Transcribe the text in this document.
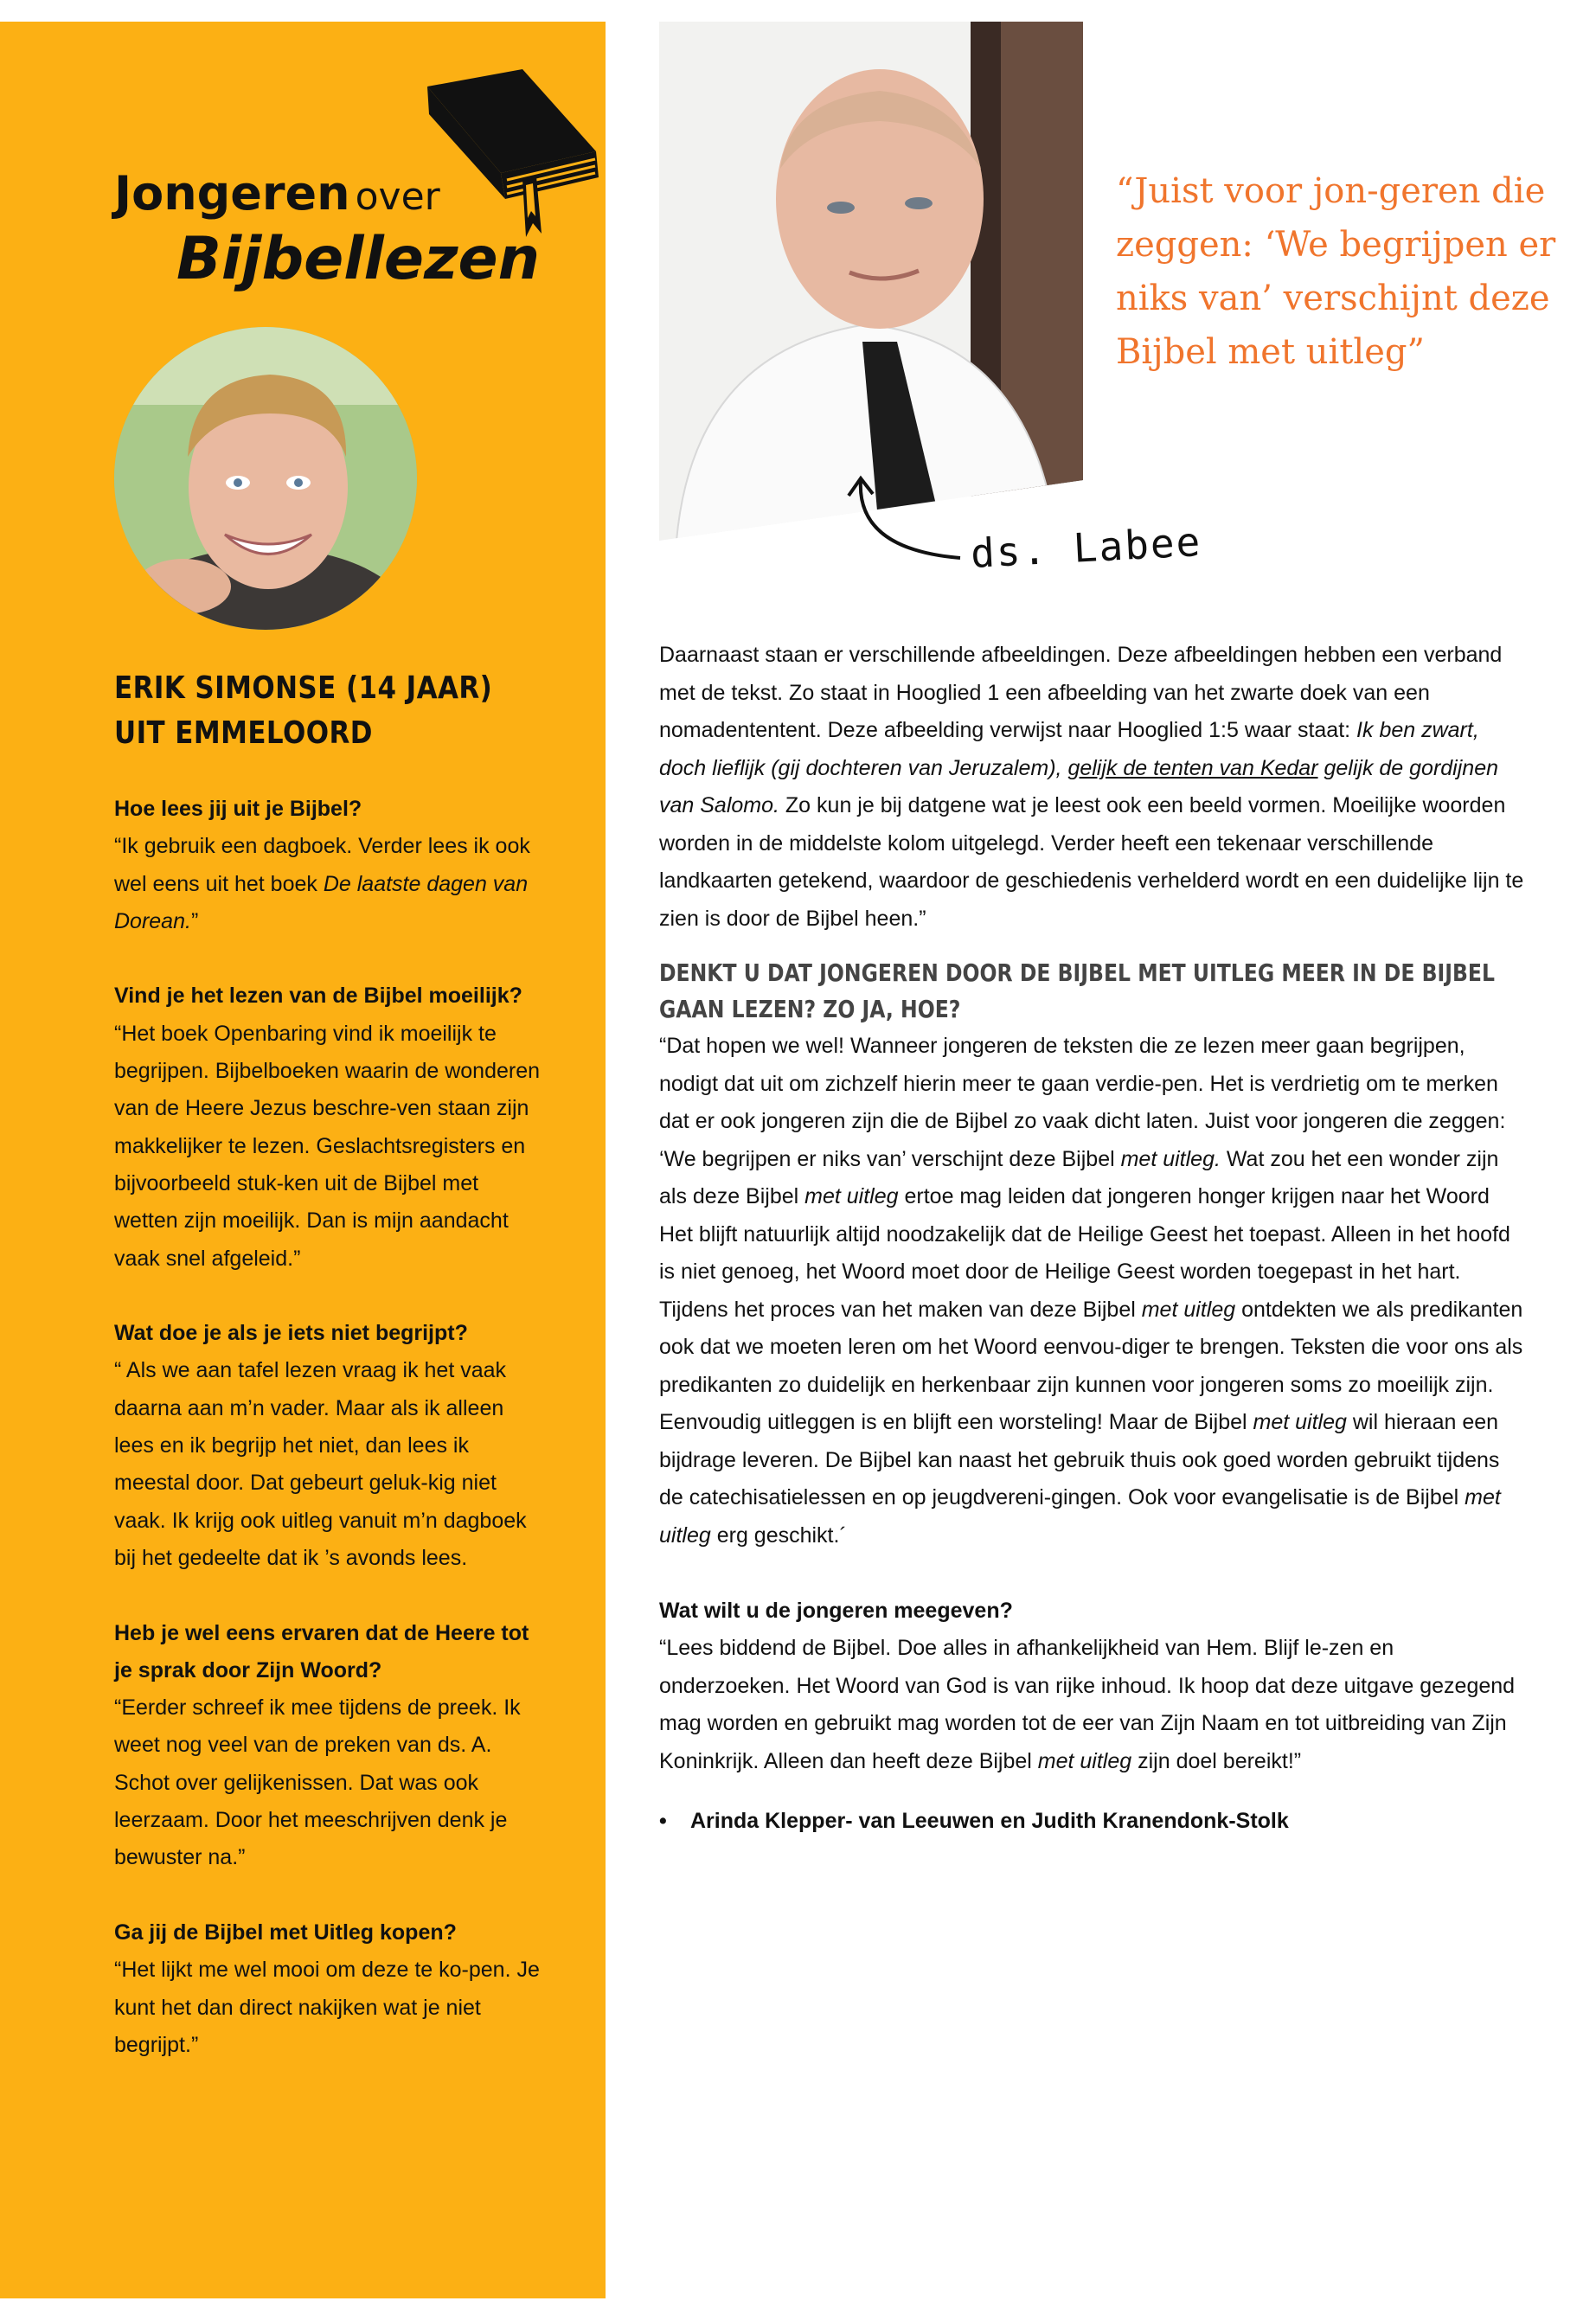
Jongeren over
Bijbellezen
ERIK SIMONSE (14 JAAR)
UIT EMMELOORD

Hoe lees jij uit je Bijbel?
“Ik gebruik een dagboek. Verder lees ik ook wel eens uit het boek De laatste dagen van Dorean.”

Vind je het lezen van de Bijbel moeilijk?
“Het boek Openbaring vind ik moeilijk te begrijpen. Bijbelboeken waarin de wonderen van de Heere Jezus beschre-ven staan zijn makkelijker te lezen. Geslachtsregisters en bijvoorbeeld stuk-ken uit de Bijbel met wetten zijn moeilijk. Dan is mijn aandacht vaak snel afgeleid.”

Wat doe je als je iets niet begrijpt?
“ Als we aan tafel lezen vraag ik het vaak daarna aan m’n vader. Maar als ik alleen lees en ik begrijp het niet, dan lees ik meestal door. Dat gebeurt geluk-kig niet vaak. Ik krijg ook uitleg vanuit m’n dagboek bij het gedeelte dat ik ’s avonds lees.

Heb je wel eens ervaren dat de Heere tot je sprak door Zijn Woord?
“Eerder schreef ik mee tijdens de preek. Ik weet nog veel van de preken van ds. A. Schot over gelijkenissen. Dat was ook leerzaam. Door het meeschrijven denk je bewuster na.”

Ga jij de Bijbel met Uitleg kopen?
“Het lijkt me wel mooi om deze te ko-pen. Je kunt het dan direct nakijken wat je niet begrijpt.”

“Juist voor jon-geren die zeggen: ‘We begrijpen er niks van’ verschijnt deze Bijbel met uitleg”
ds. Labee

Daarnaast staan er verschillende afbeeldingen. Deze afbeeldingen hebben een verband met de tekst. Zo staat in Hooglied 1 een afbeelding van het zwarte doek van een nomadententent. Deze afbeelding verwijst naar Hooglied 1:5 waar staat: Ik ben zwart, doch lieflijk (gij dochteren van Jeruzalem), gelijk de tenten van Kedar gelijk de gordijnen van Salomo. Zo kun je bij datgene wat je leest ook een beeld vormen. Moeilijke woorden worden in de middelste kolom uitgelegd. Verder heeft een tekenaar verschillende landkaarten getekend, waardoor de geschiedenis verhelderd wordt en een duidelijke lijn te zien is door de Bijbel heen.”

DENKT U DAT JONGEREN DOOR DE BIJBEL MET UITLEG MEER IN DE BIJBEL GAAN LEZEN? ZO JA, HOE?

“Dat hopen we wel! Wanneer jongeren de teksten die ze lezen meer gaan begrijpen, nodigt dat uit om zichzelf hierin meer te gaan verdie-pen. Het is verdrietig om te merken dat er ook jongeren zijn die de Bijbel zo vaak dicht laten. Juist voor jongeren die zeggen: ‘We begrijpen er niks van’ verschijnt deze Bijbel met uitleg. Wat zou het een wonder zijn als deze Bijbel met uitleg ertoe mag leiden dat jongeren honger krijgen naar het Woord

Het blijft natuurlijk altijd noodzakelijk dat de Heilige Geest het toepast. Alleen in het hoofd is niet genoeg, het Woord moet door de Heilige Geest worden toegepast in het hart.

Tijdens het proces van het maken van deze Bijbel met uitleg ontdekten we als predikanten ook dat we moeten leren om het Woord eenvou-diger te brengen. Teksten die voor ons als predikanten zo duidelijk en herkenbaar zijn kunnen voor jongeren soms zo moeilijk zijn. Eenvoudig uitleggen is en blijft een worsteling! Maar de Bijbel met uitleg wil hieraan een bijdrage leveren. De Bijbel kan naast het gebruik thuis ook goed worden gebruikt tijdens de catechisatielessen en op jeugdvereni-gingen. Ook voor evangelisatie is de Bijbel met uitleg erg geschikt.´

Wat wilt u de jongeren meegeven?

“Lees biddend de Bijbel. Doe alles in afhankelijkheid van Hem. Blijf le-zen en onderzoeken. Het Woord van God is van rijke inhoud. Ik hoop dat deze uitgave gezegend mag worden en gebruikt mag worden tot de eer van Zijn Naam en tot uitbreiding van Zijn Koninkrijk. Alleen dan heeft deze Bijbel met uitleg zijn doel bereikt!”

•	Arinda Klepper- van Leeuwen en Judith Kranendonk-Stolk
